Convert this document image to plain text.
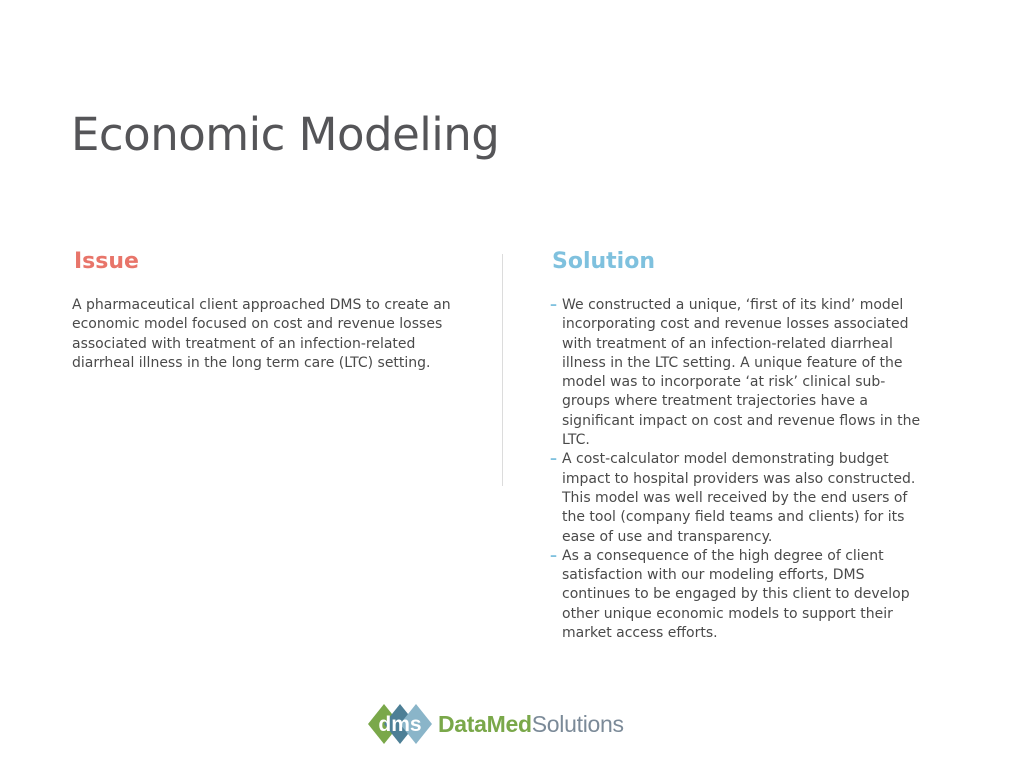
Economic Modeling
Issue	Solution

A pharmaceutical client approached DMS to create an economic model focused on cost and revenue losses associated with treatment of an infection-related diarrheal illness in the long term care (LTC) setting.

– We constructed a unique, ‘first of its kind’ model incorporating cost and revenue losses associated with treatment of an infection-related diarrheal illness in the LTC setting. A unique feature of the model was to incorporate ‘at risk’ clinical sub-groups where treatment trajectories have a significant impact on cost and revenue flows in the LTC.
– A cost-calculator model demonstrating budget impact to hospital providers was also constructed. This model was well received by the end users of the tool (company field teams and clients) for its ease of use and transparency.
– As a consequence of the high degree of client satisfaction with our modeling efforts, DMS continues to be engaged by this client to develop other unique economic models to support their market access efforts.
dms DataMedSolutions
